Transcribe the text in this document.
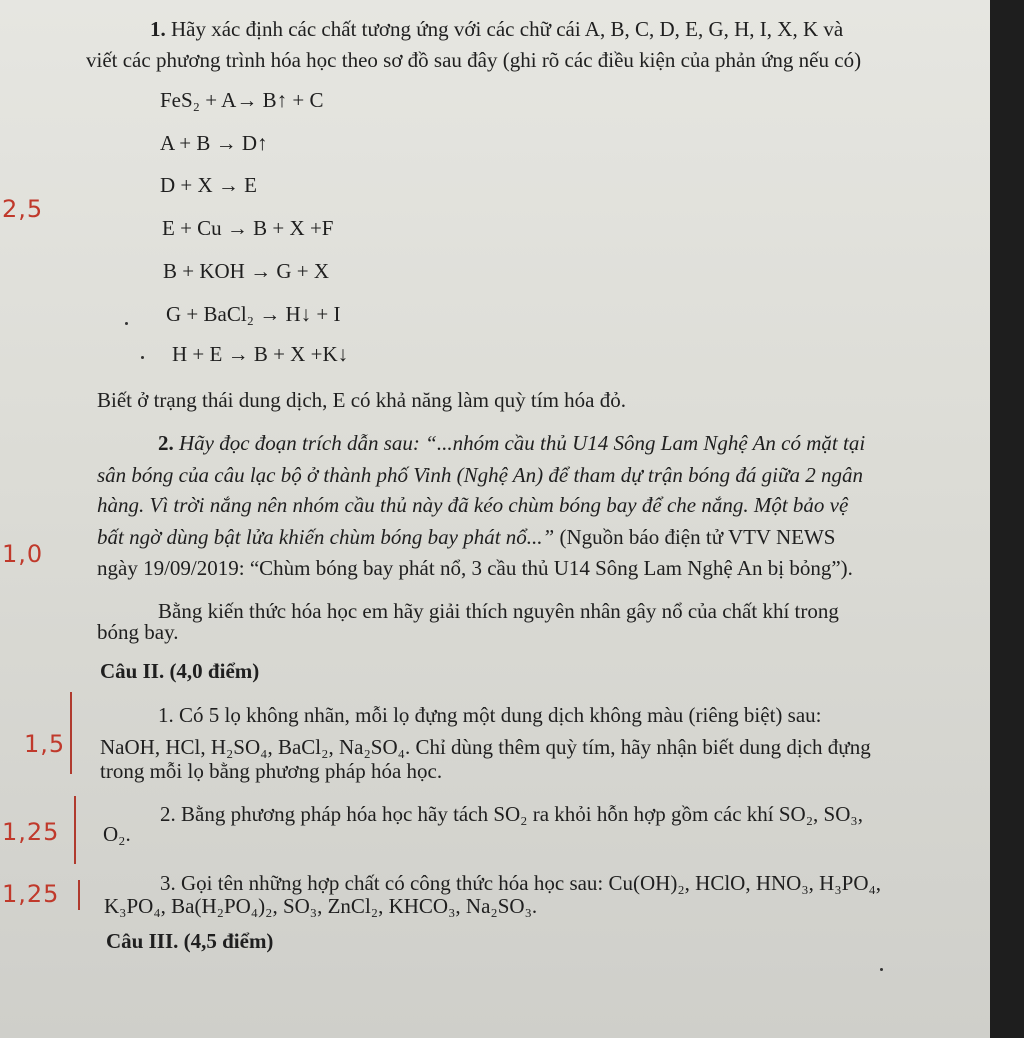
1. Hãy xác định các chất tương ứng với các chữ cái A, B, C, D, E, G, H, I, X, K và
viết các phương trình hóa học theo sơ đồ sau đây (ghi rõ các điều kiện của phản ứng nếu có)
FeS₂ + A→ B↑ + C
A + B → D↑
D + X → E
E + Cu → B + X +F
B + KOH → G + X
G + BaCl₂ → H↓ + I
H + E → B + X +K↓
Biết ở trạng thái dung dịch, E có khả năng làm quỳ tím hóa đỏ.
2. Hãy đọc đoạn trích dẫn sau: “...nhóm cầu thủ U14 Sông Lam Nghệ An có mặt tại
sân bóng của câu lạc bộ ở thành phố Vinh (Nghệ An) để tham dự trận bóng đá giữa 2 ngân
hàng. Vì trời nắng nên nhóm cầu thủ này đã kéo chùm bóng bay để che nắng. Một bảo vệ
bất ngờ dùng bật lửa khiến chùm bóng bay phát nổ...” (Nguồn báo điện tử VTV NEWS
ngày 19/09/2019: “Chùm bóng bay phát nổ, 3 cầu thủ U14 Sông Lam Nghệ An bị bỏng”).
Bằng kiến thức hóa học em hãy giải thích nguyên nhân gây nổ của chất khí trong
bóng bay.
Câu II. (4,0 điểm)
1. Có 5 lọ không nhãn, mỗi lọ đựng một dung dịch không màu (riêng biệt) sau:
NaOH, HCl, H₂SO₄, BaCl₂, Na₂SO₄. Chỉ dùng thêm quỳ tím, hãy nhận biết dung dịch đựng
trong mỗi lọ bằng phương pháp hóa học.
2. Bằng phương pháp hóa học hãy tách SO₂ ra khỏi hỗn hợp gồm các khí SO₂, SO₃,
O₂.
3. Gọi tên những hợp chất có công thức hóa học sau: Cu(OH)₂, HClO, HNO₃, H₃PO₄,
K₃PO₄, Ba(H₂PO₄)₂, SO₃, ZnCl₂, KHCO₃, Na₂SO₃.
Câu III. (4,5 điểm)
2,5
1,0
1,5
1,25
1,25
